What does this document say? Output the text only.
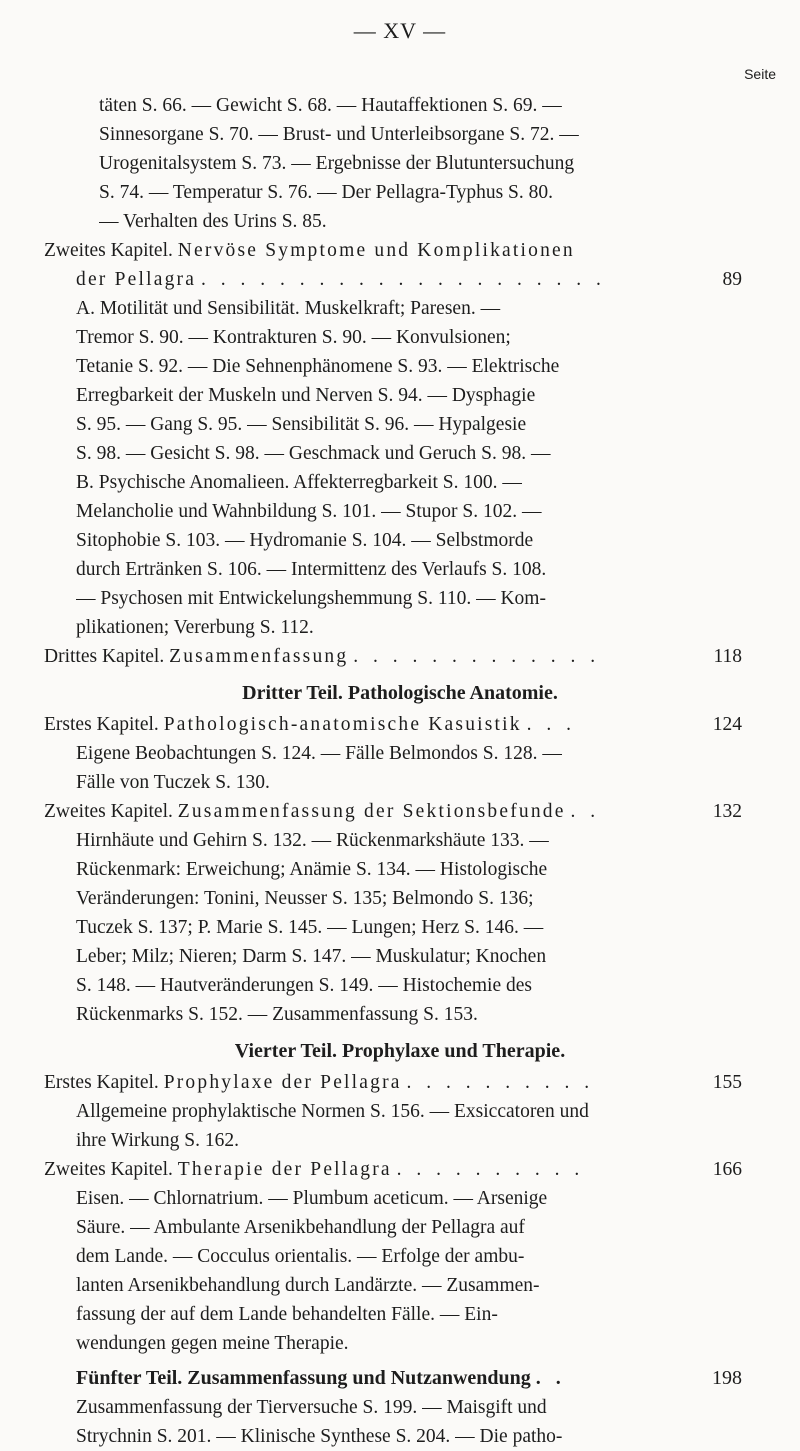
— XV —
Seite
täten S. 66. — Gewicht S. 68. — Hautaffektionen S. 69. —
Sinnesorgane S. 70. — Brust- und Unterleibsorgane S. 72. —
Urogenitalsystem S. 73. — Ergebnisse der Blutuntersuchung
S. 74. — Temperatur S. 76. — Der Pellagra-Typhus S. 80.
— Verhalten des Urins S. 85.
Zweites Kapitel. Nervöse Symptome und Komplikationen
der Pellagra . . . . . . . . . . . . . . . . . . . . .	89
A. Motilität und Sensibilität. Muskelkraft; Paresen. —
Tremor S. 90. — Kontrakturen S. 90. — Konvulsionen;
Tetanie S. 92. — Die Sehnenphänomene S. 93. — Elektrische
Erregbarkeit der Muskeln und Nerven S. 94. — Dysphagie
S. 95. — Gang S. 95. — Sensibilität S. 96. — Hypalgesie
S. 98. — Gesicht S. 98. — Geschmack und Geruch S. 98. —
B. Psychische Anomalieen. Affekterregbarkeit S. 100. —
Melancholie und Wahnbildung S. 101. — Stupor S. 102. —
Sitophobie S. 103. — Hydromanie S. 104. — Selbstmorde
durch Ertränken S. 106. — Intermittenz des Verlaufs S. 108.
— Psychosen mit Entwickelungshemmung S. 110. — Kom-
plikationen; Vererbung S. 112.
Drittes Kapitel. Zusammenfassung . . . . . . . . . . . . .	118
Dritter Teil. Pathologische Anatomie.
Erstes Kapitel. Pathologisch-anatomische Kasuistik . . .	124
Eigene Beobachtungen S. 124. — Fälle Belmondos S. 128. —
Fälle von Tuczek S. 130.
Zweites Kapitel. Zusammenfassung der Sektionsbefunde . .	132
Hirnhäute und Gehirn S. 132. — Rückenmarkshäute 133. —
Rückenmark: Erweichung; Anämie S. 134. — Histologische
Veränderungen: Tonini, Neusser S. 135; Belmondo S. 136;
Tuczek S. 137; P. Marie S. 145. — Lungen; Herz S. 146. —
Leber; Milz; Nieren; Darm S. 147. — Muskulatur; Knochen
S. 148. — Hautveränderungen S. 149. — Histochemie des
Rückenmarks S. 152. — Zusammenfassung S. 153.
Vierter Teil. Prophylaxe und Therapie.
Erstes Kapitel. Prophylaxe der Pellagra . . . . . . . . . .	155
Allgemeine prophylaktische Normen S. 156. — Exsiccatoren und
ihre Wirkung S. 162.
Zweites Kapitel. Therapie der Pellagra . . . . . . . . . .	166
Eisen. — Chlornatrium. — Plumbum aceticum. — Arsenige
Säure. — Ambulante Arsenikbehandlung der Pellagra auf
dem Lande. — Cocculus orientalis. — Erfolge der ambu-
lanten Arsenikbehandlung durch Landärzte. — Zusammen-
fassung der auf dem Lande behandelten Fälle. — Ein-
wendungen gegen meine Therapie.
Fünfter Teil. Zusammenfassung und Nutzanwendung . .	198
Zusammenfassung der Tierversuche S. 199. — Maisgift und
Strychnin S. 201. — Klinische Synthese S. 204. — Die patho-
